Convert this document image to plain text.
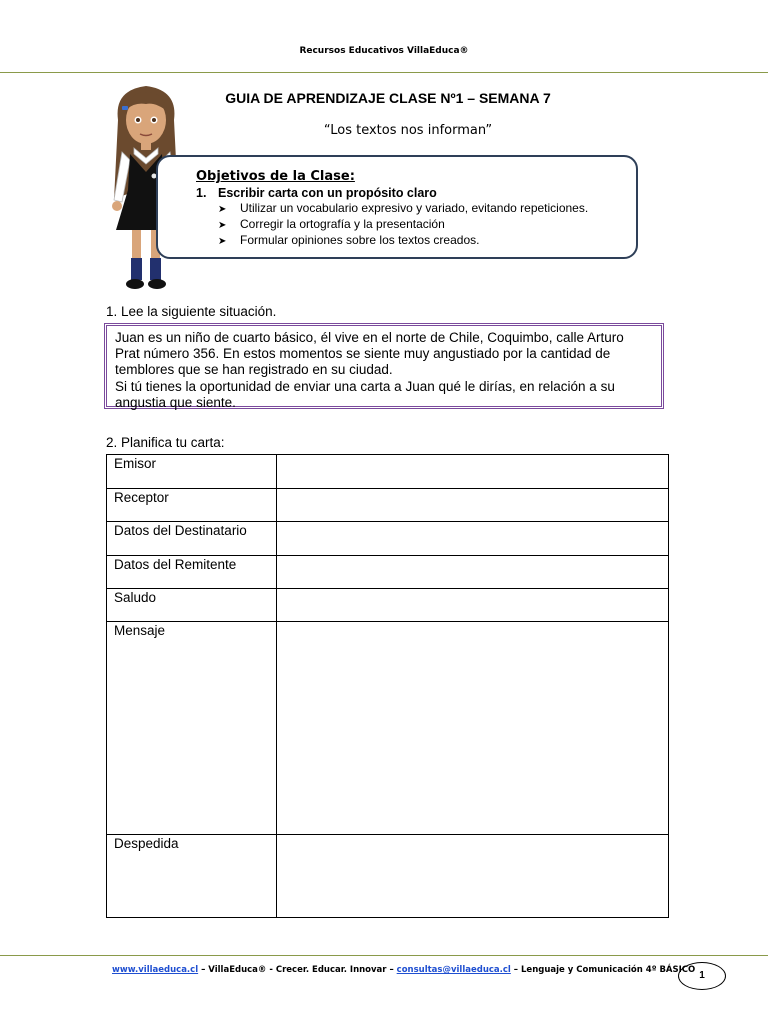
Recursos Educativos VillaEduca®
GUIA DE APRENDIZAJE CLASE Nº1 – SEMANA 7
“Los textos nos informan”
Objetivos de la Clase:
1. Escribir carta con un propósito claro
➤ Utilizar un vocabulario expresivo y variado, evitando repeticiones.
➤ Corregir la ortografía y la presentación
➤ Formular opiniones sobre los textos creados.
1. Lee la siguiente situación.
Juan es un niño de cuarto básico, él vive en el norte de Chile, Coquimbo, calle Arturo
Prat número 356. En estos momentos se siente muy angustiado por la cantidad de
temblores que se han registrado en su ciudad.
Si tú tienes la oportunidad de enviar una carta a Juan qué le dirías, en relación a su
angustia que siente.
2. Planifica tu carta:
Emisor	
Receptor	
Datos del Destinatario	
Datos del Remitente	
Saludo	
Mensaje	
Despedida	
www.villaeduca.cl – VillaEduca® - Crecer. Educar. Innovar – consultas@villaeduca.cl – Lenguaje y Comunicación 4º BÁSICO 1
